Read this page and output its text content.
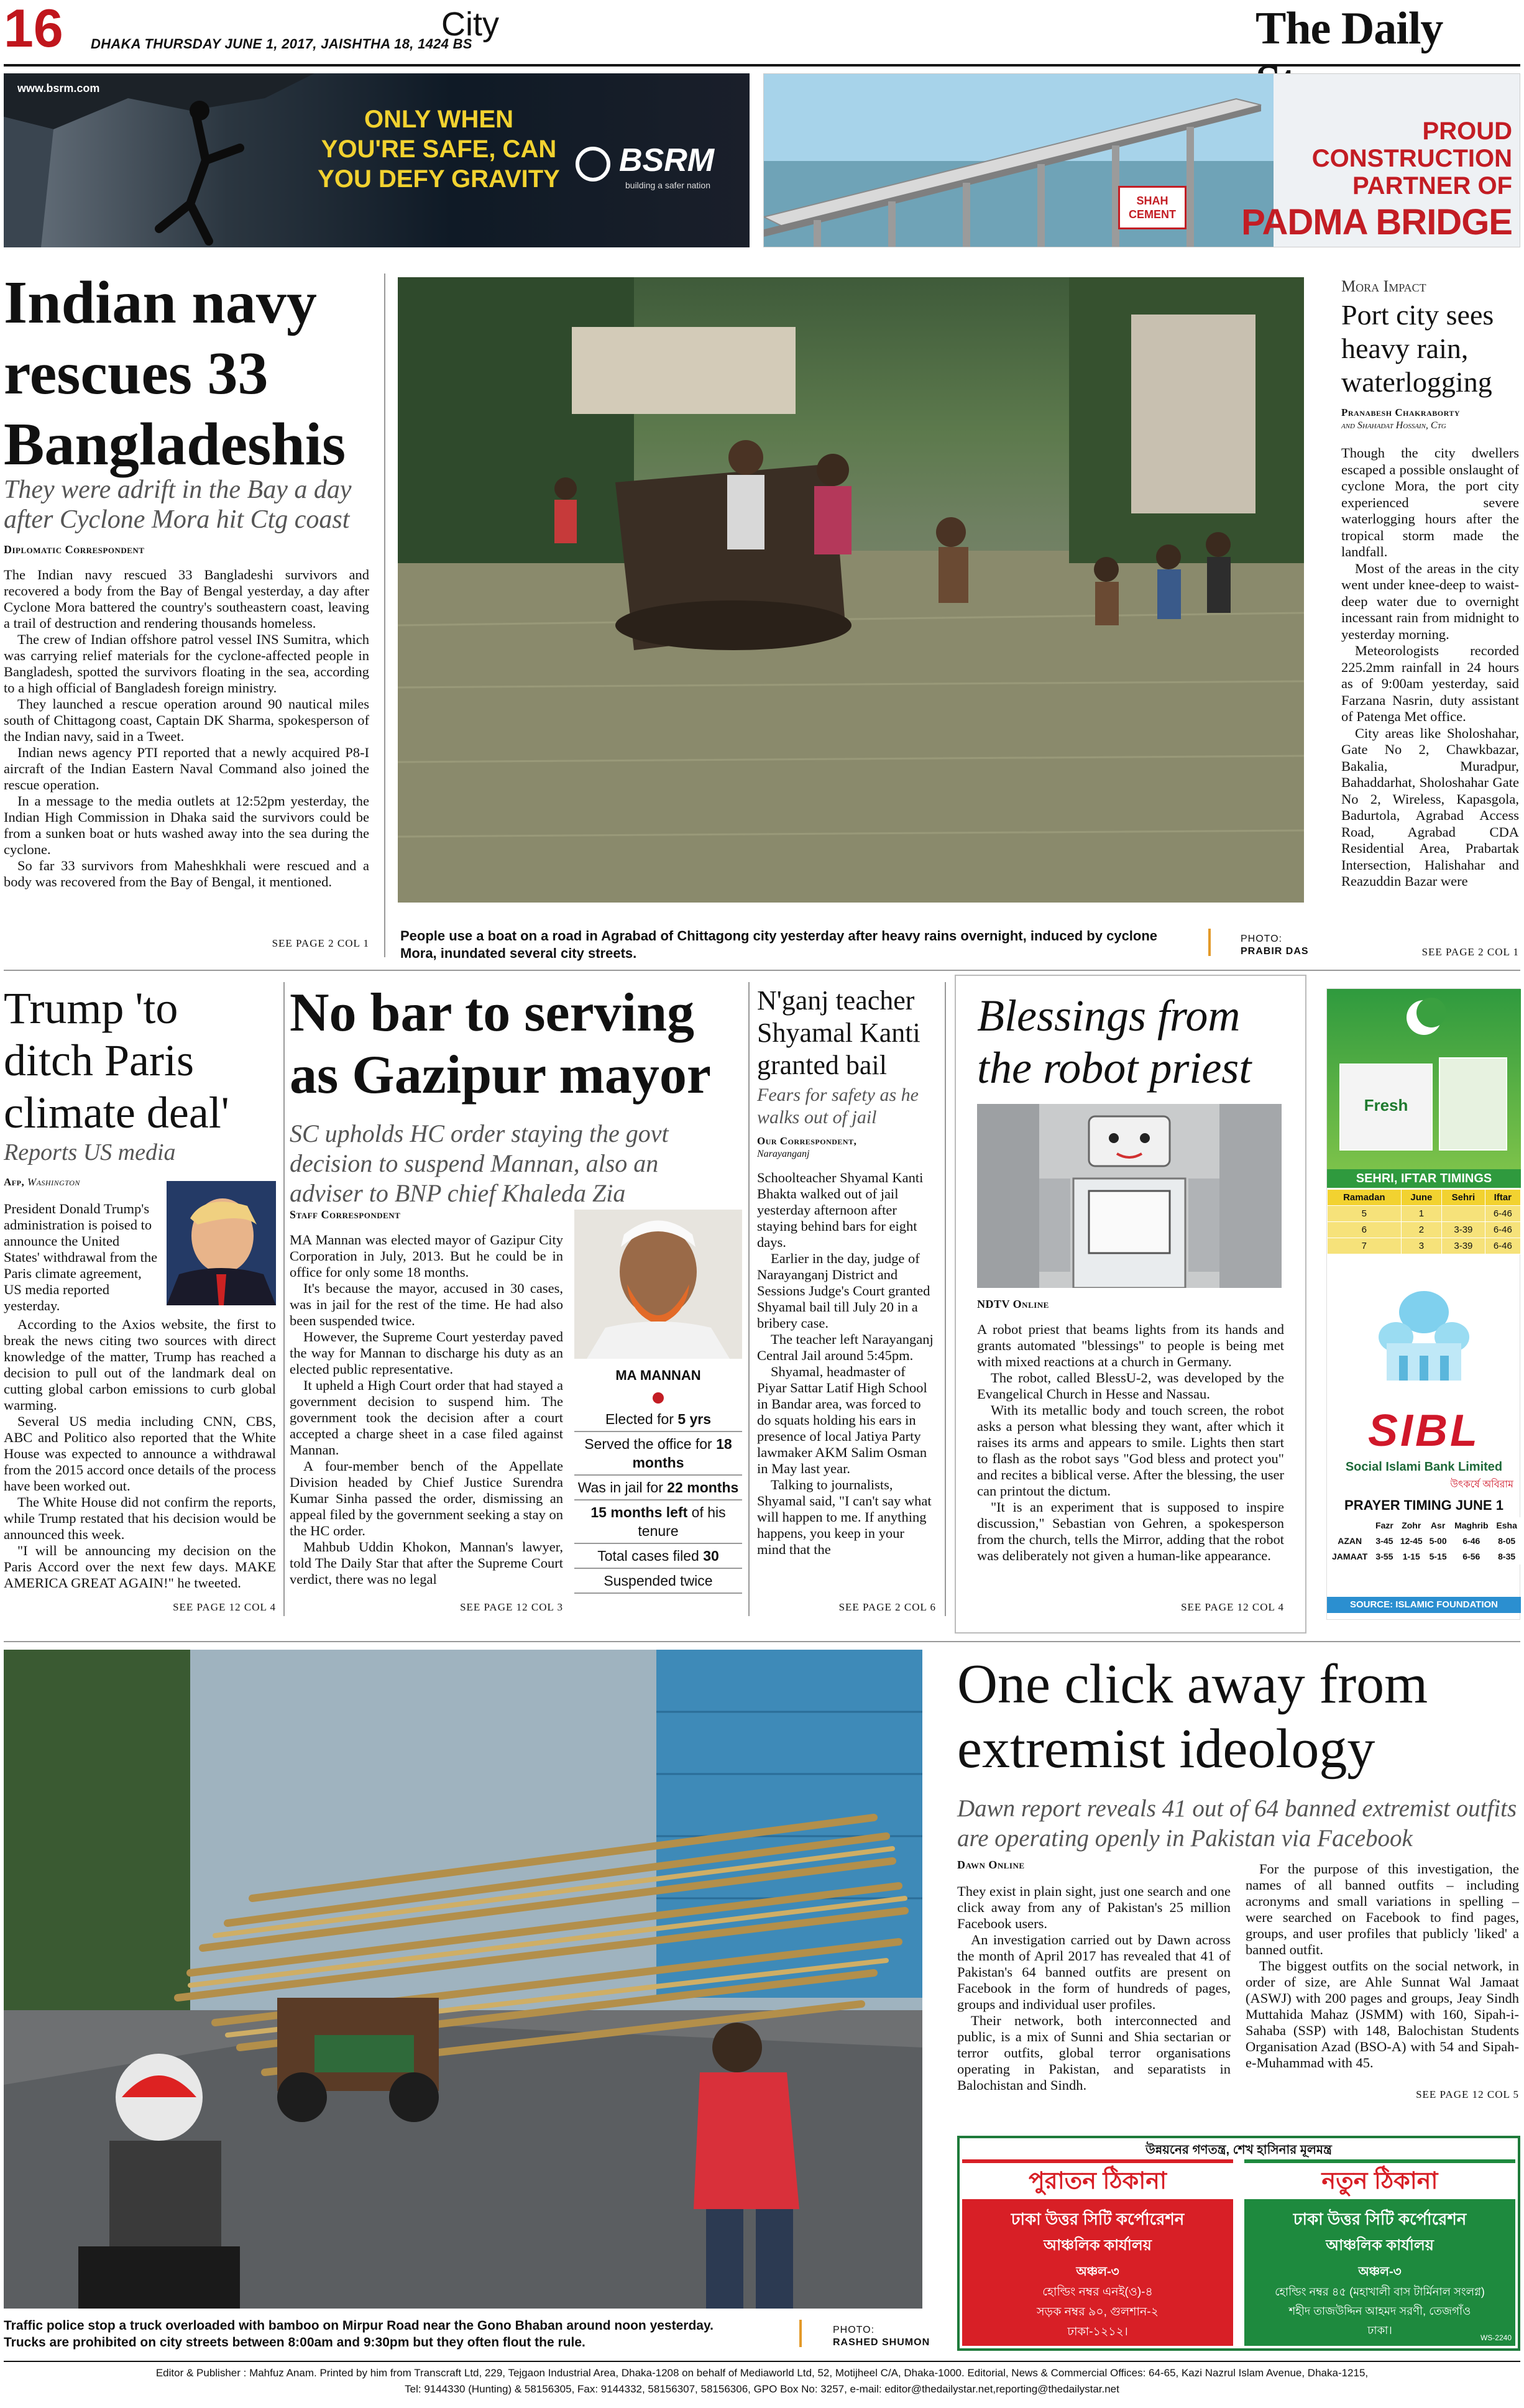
16 DHAKA THURSDAY JUNE 1, 2017, JAISHTHA 18, 1424 BS
City	The Daily
www.bsrm.com
ONLY WHEN YOU'RE SAFE, CAN YOU DEFY GRAVITY
BSRM
building a safer nation
SHAH CEMENT
PROUD
CONSTRUCTION
PARTNER OF
PADMA BRIDGE
Indian navy rescues 33 Bangladeshis
They were adrift in the Bay a day after Cyclone Mora hit Ctg coast
Diplomatic Correspondent

The Indian navy rescued 33 Bangladeshi survivors and recovered a body from the Bay of Bengal yesterday, a day after Cyclone Mora battered the country's southeastern coast, leaving a trail of destruction and rendering thousands homeless.

The crew of Indian offshore patrol vessel INS Sumitra, which was carrying relief materials for the cyclone-affected people in Bangladesh, spotted the survivors floating in the sea, according to a high official of Bangladesh foreign ministry.

They launched a rescue operation around 90 nautical miles south of Chittagong coast, Captain DK Sharma, spokesperson of the Indian navy, said in a Tweet.

Indian news agency PTI reported that a newly acquired P8-I aircraft of the Indian Eastern Naval Command also joined the rescue operation.

In a message to the media outlets at 12:52pm yesterday, the Indian High Commission in Dhaka said the survivors could be from a sunken boat or huts washed away into the sea during the cyclone.

So far 33 survivors from Maheshkhali were rescued and a body was recovered from the Bay of Bengal, it mentioned.

SEE PAGE 2 COL 1 People use a boat on a road in Agrabad of Chittagong city yesterday after heavy rains overnight, induced by cyclone Mora, inundated several city streets.
PHOTO:
PRABIR DAS
Mora Impact
Port city sees heavy rain, waterlogging
Pranabesh Chakraborty
and Shahadat Hossain, Ctg

Though the city dwellers escaped a possible onslaught of cyclone Mora, the port city experienced severe waterlogging hours after the tropical storm made the landfall.

Most of the areas in the city went under knee-deep to waist-deep water due to overnight incessant rain from midnight to yesterday morning.

Meteorologists recorded 225.2mm rainfall in 24 hours as of 9:00am yesterday, said Farzana Nasrin, duty assistant of Patenga Met office.

City areas like Sholoshahar, Gate No 2, Chawkbazar, Bakalia, Muradpur, Bahaddarhat, Sholoshahar Gate No 2, Wireless, Kapasgola, Badurtola, Agrabad Access Road, Agrabad CDA Residential Area, Prabartak Intersection, Halishahar and Reazuddin Bazar were

SEE PAGE 2 COL 1
Trump 'to ditch Paris climate deal'
Reports US media
Afp, Washington
President Donald Trump's administration is poised to announce the United States' withdrawal from the Paris climate agreement, US media reported yesterday.

According to the Axios website, the first to break the news citing two sources with direct knowledge of the matter, Trump has reached a decision to pull out of the landmark deal on cutting global carbon emissions to curb global warming.

Several US media including CNN, CBS, ABC and Politico also reported that the White House was expected to announce a withdrawal from the 2015 accord once details of the process have been worked out.

The White House did not confirm the reports, while Trump restated that his decision would be announced this week.

"I will be announcing my decision on the Paris Accord over the next few days. MAKE AMERICA GREAT AGAIN!" he tweeted.

SEE PAGE 12 COL 4
No bar to serving as Gazipur mayor
SC upholds HC order staying the govt decision to suspend Mannan, also an adviser to BNP chief Khaleda Zia
Staff Correspondent

MA Mannan was elected mayor of Gazipur City Corporation in July, 2013. But he could be in office for only some 18 months.

It's because the mayor, accused in 30 cases, was in jail for the rest of the time. He had also been suspended twice.

However, the Supreme Court yesterday paved the way for Mannan to discharge his duty as an elected public representative.

It upheld a High Court order that had stayed a government decision to suspend him. The government took the decision after a court accepted a charge sheet in a case filed against Mannan.

A four-member bench of the Appellate Division headed by Chief Justice Surendra Kumar Sinha passed the order, dismissing an appeal filed by the government seeking a stay on the HC order.

Mahbub Uddin Khokon, Mannan's lawyer, told The Daily Star that after the Supreme Court verdict, there was no legal

SEE PAGE 12 COL 3
MA MANNAN
Elected for 5 yrs
Served the office for 18 months
Was in jail for 22 months
15 months left of his tenure
Total cases filed 30
Suspended twice
N'ganj teacher Shyamal Kanti granted bail
Fears for safety as he walks out of jail
Our Correspondent,
Narayanganj

Schoolteacher Shyamal Kanti Bhakta walked out of jail yesterday afternoon after staying behind bars for eight days.

Earlier in the day, judge of Narayanganj District and Sessions Judge's Court granted Shyamal bail till July 20 in a bribery case.

The teacher left Narayanganj Central Jail around 5:45pm.

Shyamal, headmaster of Piyar Sattar Latif High School in Bandar area, was forced to do squats holding his ears in presence of local Jatiya Party lawmaker AKM Salim Osman in May last year.

Talking to journalists, Shyamal said, "I can't say what will happen to me. If anything happens, you keep in your mind that the

SEE PAGE 2 COL 6
Blessings from the robot priest
NDTV Online

A robot priest that beams lights from its hands and grants automated "blessings" to people is being met with mixed reactions at a church in Germany.

The robot, called BlessU-2, was developed by the Evangelical Church in Hesse and Nassau.

With its metallic body and touch screen, the robot asks a person what blessing they want, after which it raises its arms and appears to smile. Lights then start to flash as the robot says "God bless and protect you" and recites a biblical verse. After the blessing, the user can printout the dictum.

"It is an experiment that is supposed to inspire discussion," Sebastian von Gehren, a spokesperson from the church, tells the Mirror, adding that the robot was deliberately not given a human-like appearance.

SEE PAGE 12 COL 4
Fresh
SEHRI, IFTAR TIMINGS
Ramadan	June	Sehri	Iftar
5	1		6-46
6	2	3-39	6-46
7	3	3-39	6-46
SIBL
Social Islami Bank Limited
উৎকর্ষে অবিরাম
PRAYER TIMING JUNE 1
	Fazr	Zohr	Asr	Maghrib	Esha
AZAN	3-45	12-45	5-00	6-46	8-05
JAMAAT	3-55	1-15	5-15	6-56	8-35
SOURCE: ISLAMIC FOUNDATION
Traffic police stop a truck overloaded with bamboo on Mirpur Road near the Gono Bhaban around noon yesterday. Trucks are prohibited on city streets between 8:00am and 9:30pm but they often flout the rule.
PHOTO:
RASHED SHUMON
One click away from extremist ideology
Dawn report reveals 41 out of 64 banned extremist outfits are operating openly in Pakistan via Facebook
Dawn Online

They exist in plain sight, just one search and one click away from any of Pakistan's 25 million Facebook users.

An investigation carried out by Dawn across the month of April 2017 has revealed that 41 of Pakistan's 64 banned outfits are present on Facebook in the form of hundreds of pages, groups and individual user profiles.

Their network, both interconnected and public, is a mix of Sunni and Shia sectarian or terror outfits, global terror organisations operating in Pakistan, and separatists in Balochistan and Sindh.

For the purpose of this investigation, the names of all banned outfits – including acronyms and small variations in spelling – were searched on Facebook to find pages, groups, and user profiles that publicly 'liked' a banned outfit.

The biggest outfits on the social network, in order of size, are Ahle Sunnat Wal Jamaat (ASWJ) with 200 pages and groups, Jeay Sindh Muttahida Mahaz (JSMM) with 160, Sipah-i-Sahaba (SSP) with 148, Balochistan Students Organisation Azad (BSO-A) with 54 and Sipah-e-Muhammad with 45.

SEE PAGE 12 COL 5
উন্নয়নের গণতন্ত্র, শেখ হাসিনার মূলমন্ত্র
পুরাতন ঠিকানা
ঢাকা উত্তর সিটি কর্পোরেশন
আঞ্চলিক কার্যালয়
অঞ্চল-৩
হোল্ডিং নম্বর এনই(ও)-৪
সড়ক নম্বর ৯০, গুলশান-২
ঢাকা-১২১২।
নতুন ঠিকানা
ঢাকা উত্তর সিটি কর্পোরেশন
আঞ্চলিক কার্যালয়
অঞ্চল-৩
হোল্ডিং নম্বর ৪৫ (মহাখালী বাস টার্মিনাল সংলগ্ন)
শহীদ তাজউদ্দিন আহমদ সরণী, তেজগাঁও
ঢাকা।
WS-2240
Editor & Publisher : Mahfuz Anam. Printed by him from Transcraft Ltd, 229, Tejgaon Industrial Area, Dhaka-1208 on behalf of Mediaworld Ltd, 52, Motijheel C/A, Dhaka-1000. Editorial, News & Commercial Offices: 64-65, Kazi Nazrul Islam Avenue, Dhaka-1215,
Tel: 9144330 (Hunting) & 58156305, Fax: 9144332, 58156307, 58156306, GPO Box No: 3257, e-mail: editor@thedailystar.net,reporting@thedailystar.net
